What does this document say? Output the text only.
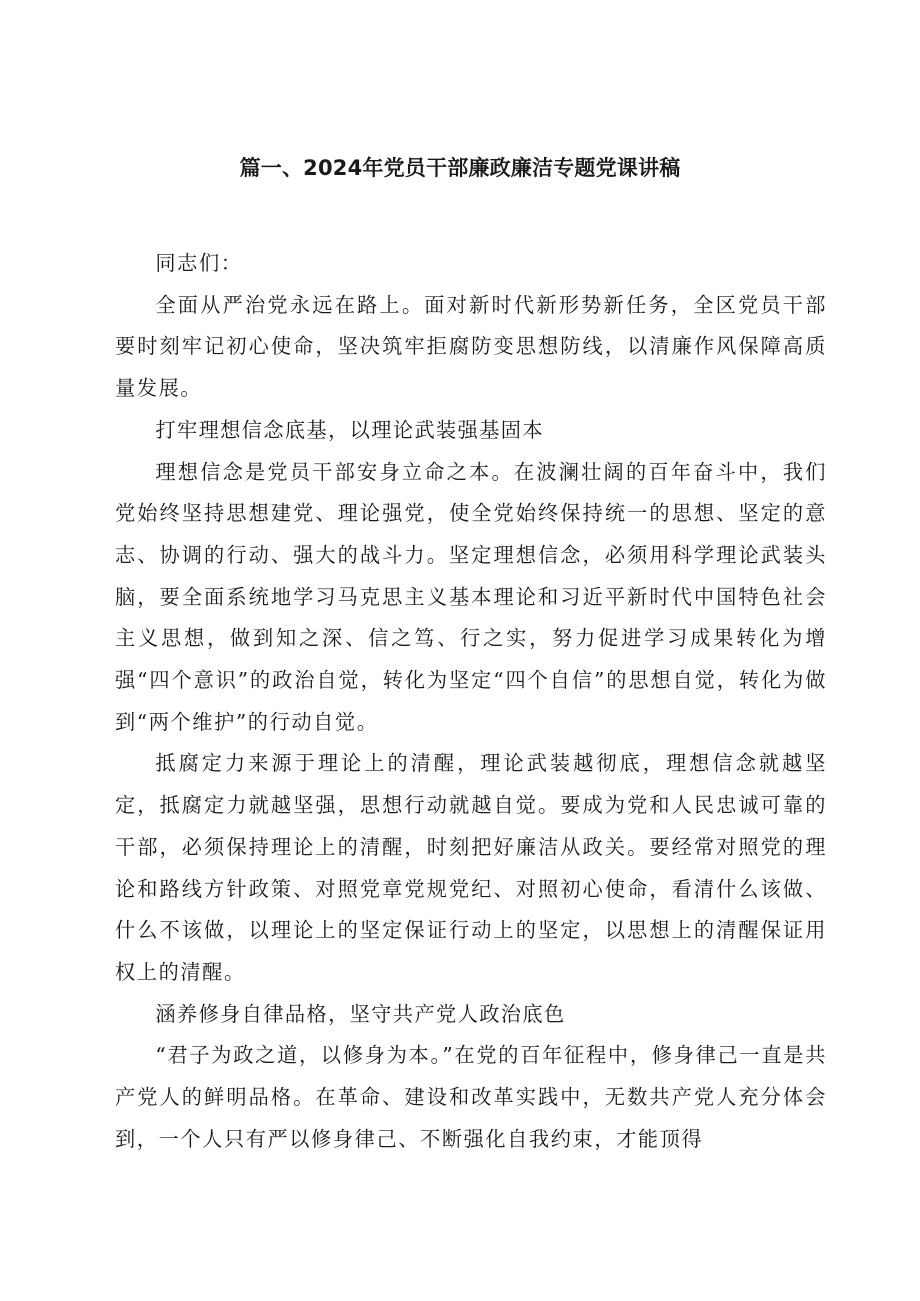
篇一、2024年党员干部廉政廉洁专题党课讲稿

同志们：

全面从严治党永远在路上。面对新时代新形势新任务，全区党员干部要时刻牢记初心使命，坚决筑牢拒腐防变思想防线，以清廉作风保障高质量发展。

打牢理想信念底基，以理论武装强基固本

理想信念是党员干部安身立命之本。在波澜壮阔的百年奋斗中，我们党始终坚持思想建党、理论强党，使全党始终保持统一的思想、坚定的意志、协调的行动、强大的战斗力。坚定理想信念，必须用科学理论武装头脑，要全面系统地学习马克思主义基本理论和习近平新时代中国特色社会主义思想，做到知之深、信之笃、行之实，努力促进学习成果转化为增强“四个意识”的政治自觉，转化为坚定“四个自信”的思想自觉，转化为做到“两个维护”的行动自觉。

抵腐定力来源于理论上的清醒，理论武装越彻底，理想信念就越坚定，抵腐定力就越坚强，思想行动就越自觉。要成为党和人民忠诚可靠的干部，必须保持理论上的清醒，时刻把好廉洁从政关。要经常对照党的理论和路线方针政策、对照党章党规党纪、对照初心使命，看清什么该做、什么不该做，以理论上的坚定保证行动上的坚定，以思想上的清醒保证用权上的清醒。

涵养修身自律品格，坚守共产党人政治底色

“君子为政之道，以修身为本。”在党的百年征程中，修身律己一直是共产党人的鲜明品格。在革命、建设和改革实践中，无数共产党人充分体会到，一个人只有严以修身律己、不断强化自我约束，才能顶得
